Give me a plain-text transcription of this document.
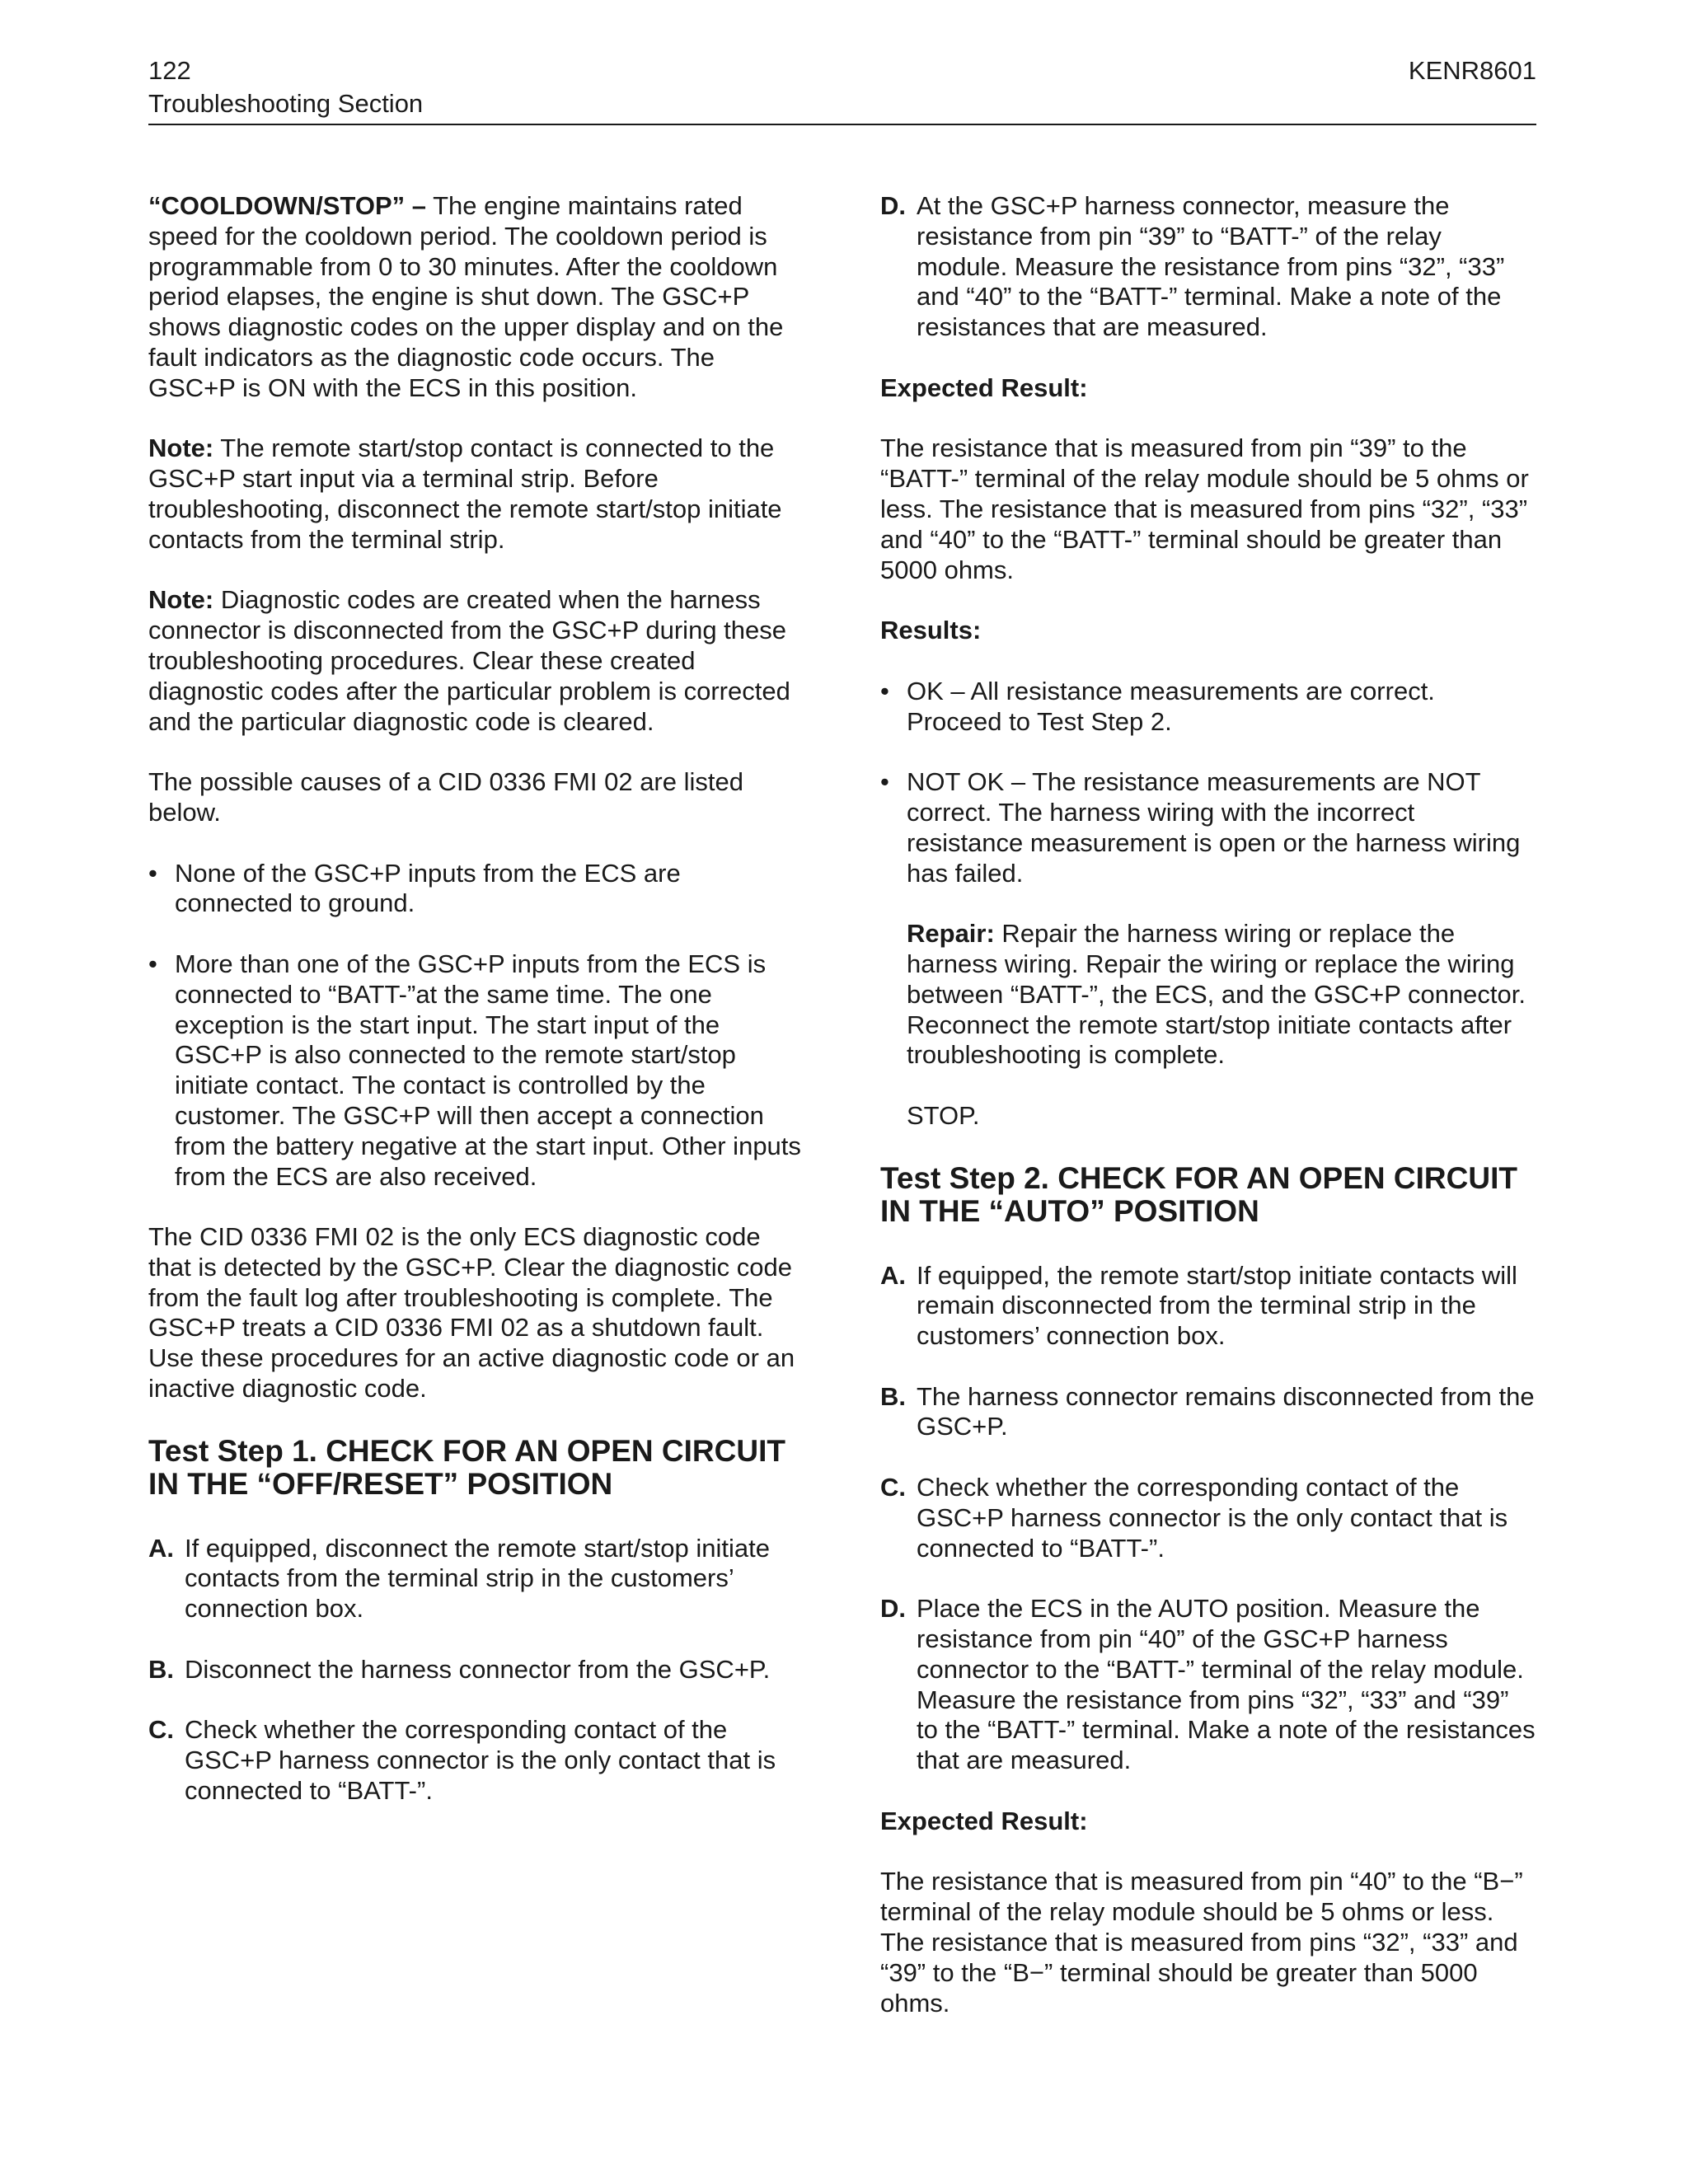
122
Troubleshooting Section
KENR8601

“COOLDOWN/STOP” – The engine maintains rated speed for the cooldown period. The cooldown period is programmable from 0 to 30 minutes. After the cooldown period elapses, the engine is shut down. The GSC+P shows diagnostic codes on the upper display and on the fault indicators as the diagnostic code occurs. The GSC+P is ON with the ECS in this position.

Note: The remote start/stop contact is connected to the GSC+P start input via a terminal strip. Before troubleshooting, disconnect the remote start/stop initiate contacts from the terminal strip.

Note: Diagnostic codes are created when the harness connector is disconnected from the GSC+P during these troubleshooting procedures. Clear these created diagnostic codes after the particular problem is corrected and the particular diagnostic code is cleared.

The possible causes of a CID 0336 FMI 02 are listed below.

• None of the GSC+P inputs from the ECS are connected to ground.
• More than one of the GSC+P inputs from the ECS is connected to “BATT-”at the same time. The one exception is the start input. The start input of the GSC+P is also connected to the remote start/stop initiate contact. The contact is controlled by the customer. The GSC+P will then accept a connection from the battery negative at the start input. Other inputs from the ECS are also received.

The CID 0336 FMI 02 is the only ECS diagnostic code that is detected by the GSC+P. Clear the diagnostic code from the fault log after troubleshooting is complete. The GSC+P treats a CID 0336 FMI 02 as a shutdown fault. Use these procedures for an active diagnostic code or an inactive diagnostic code.

Test Step 1. CHECK FOR AN OPEN CIRCUIT IN THE “OFF/RESET” POSITION
A. If equipped, disconnect the remote start/stop initiate contacts from the terminal strip in the customers’ connection box.
B. Disconnect the harness connector from the GSC+P.
C. Check whether the corresponding contact of the GSC+P harness connector is the only contact that is connected to “BATT-”.
D. At the GSC+P harness connector, measure the resistance from pin “39” to “BATT-” of the relay module. Measure the resistance from pins “32”, “33” and “40” to the “BATT-” terminal. Make a note of the resistances that are measured.

Expected Result:

The resistance that is measured from pin “39” to the “BATT-” terminal of the relay module should be 5 ohms or less. The resistance that is measured from pins “32”, “33” and “40” to the “BATT-” terminal should be greater than 5000 ohms.

Results:

• OK – All resistance measurements are correct. Proceed to Test Step 2.
• NOT OK – The resistance measurements are NOT correct. The harness wiring with the incorrect resistance measurement is open or the harness wiring has failed.

Repair: Repair the harness wiring or replace the harness wiring. Repair the wiring or replace the wiring between “BATT-”, the ECS, and the GSC+P connector. Reconnect the remote start/stop initiate contacts after troubleshooting is complete.

STOP.

Test Step 2. CHECK FOR AN OPEN CIRCUIT IN THE “AUTO” POSITION
A. If equipped, the remote start/stop initiate contacts will remain disconnected from the terminal strip in the customers’ connection box.
B. The harness connector remains disconnected from the GSC+P.
C. Check whether the corresponding contact of the GSC+P harness connector is the only contact that is connected to “BATT-”.
D. Place the ECS in the AUTO position. Measure the resistance from pin “40” of the GSC+P harness connector to the “BATT-” terminal of the relay module. Measure the resistance from pins “32”, “33” and “39” to the “BATT-” terminal. Make a note of the resistances that are measured.

Expected Result:

The resistance that is measured from pin “40” to the “B−” terminal of the relay module should be 5 ohms or less. The resistance that is measured from pins “32”, “33” and “39” to the “B−” terminal should be greater than 5000 ohms.
